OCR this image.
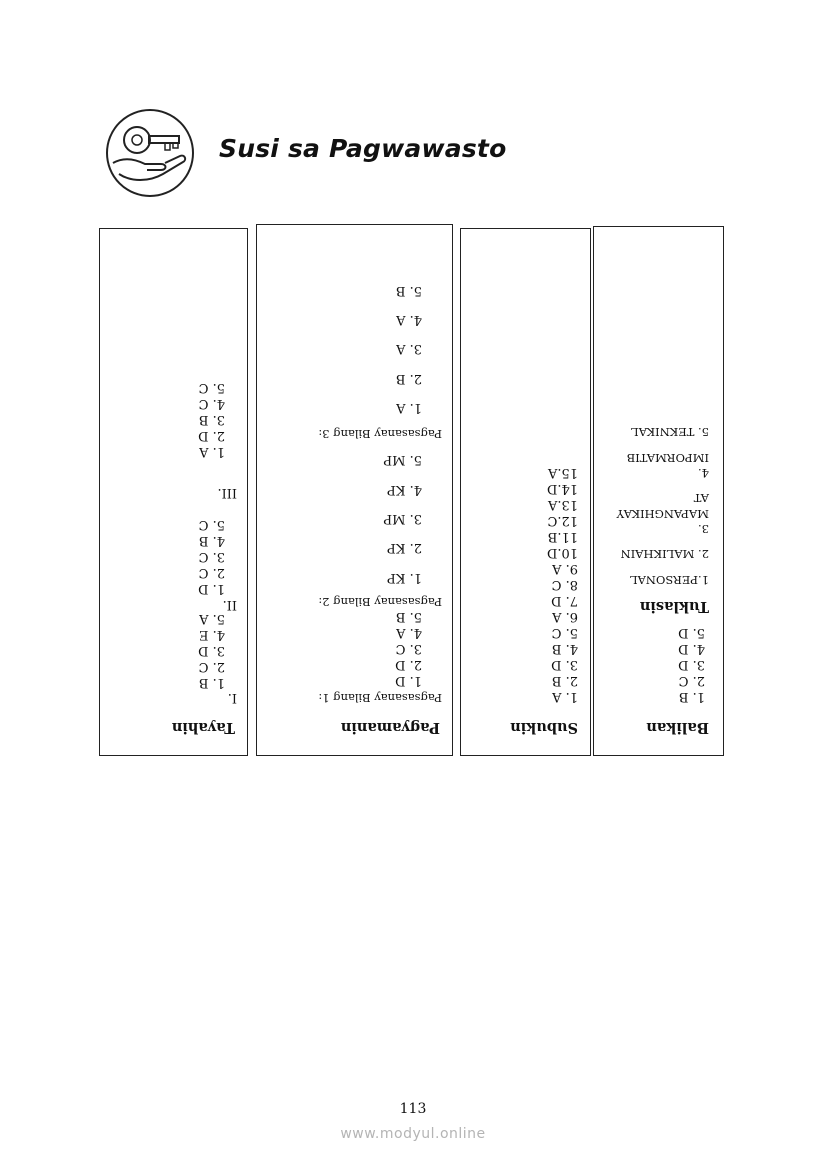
Susi sa Pagwawasto
Tayahin
I.
1. B
2. C
3. D
4. E
5. A
II.
1. D
2. C
3. C
4. B
5. C
III.
1. A
2. D
3. B
4. C
5. C
Pagyamanin
Pagsasanay Bilang 1:
1. D
2. D
3. C
4. A
5. B
Pagsasanay Bilang 2:
1. KP
2. KP
3. MP
4. KP
5. MP
Pagsasanay Bilang 3:
1. A
2. B
3. A
4. A
5. B
Subukin
1. A
2. B
3. D
4. B
5. C
6. A
7. D
8. C
9. A
10.D
11.B
12.C
13.A
14.D
15.A
Balikan
1. B
2. C
3. D
4. D
5. D
Tuklasin
1.PERSONAL
2. MALIKHAIN
3.
MAPANGHIKAY
AT
4.
IMPORMATIB
5. TEKNIKAL
113
www.modyul.online
